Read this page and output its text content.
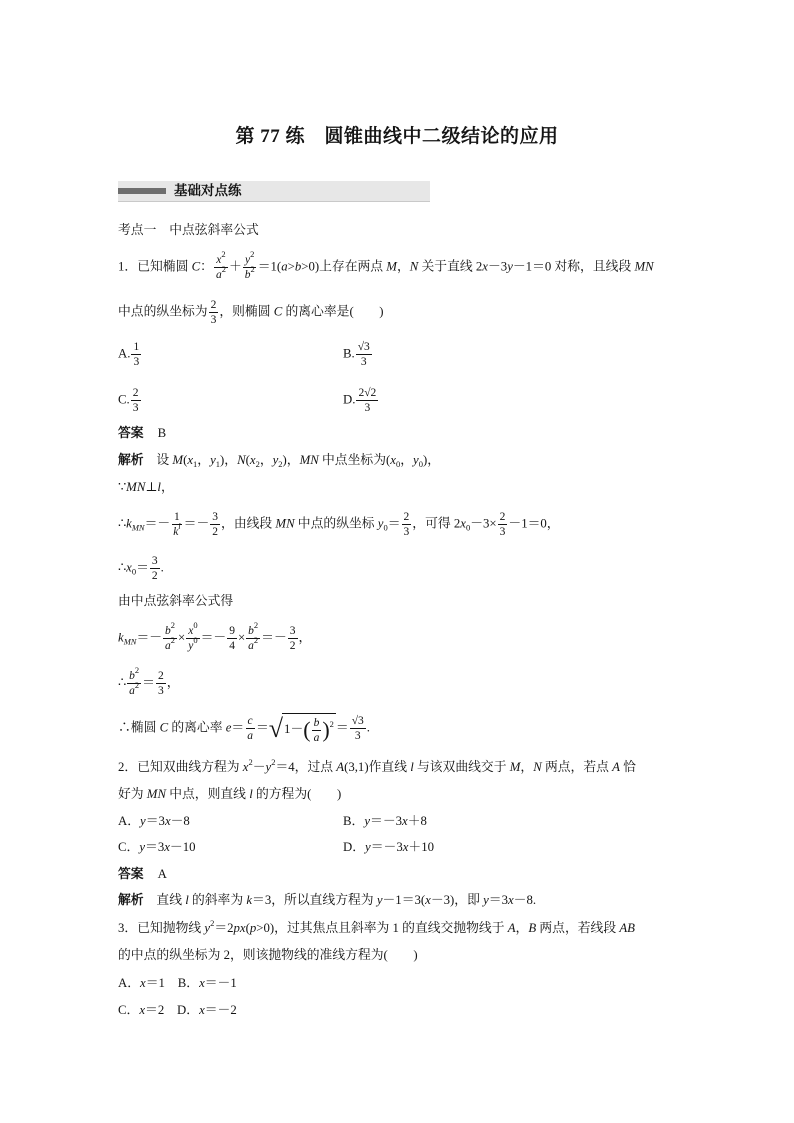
第 77 练　圆锥曲线中二级结论的应用
基础对点练
考点一　中点弦斜率公式
1．已知椭圆 C： $\frac{x^2}{a^2} + \frac{y^2}{b^2} =1(a>b>0)$上存在两点 M，N 关于直线 2x－3y－1＝0 对称，且线段 MN
中点的纵坐标为 $\frac{2}{3}$ ，则椭圆 C 的离心率是(　　)
A. $\frac{1}{3}$	B. $\frac{√3}{3}$
C. $\frac{2}{3}$	D. $\frac{2√2}{3}$
答案 B
解析　设 $M(x_1$，$y_1$)，$N(x_2$，$y_2$)，MN 中点坐标为($x_0$，$y_0$)，
∵MN⊥l，
$\therefore k_{MN}=- \frac{1}{k^l} =- \frac{3}{2}$ ，由线段 MN 中点的纵坐标 $y_0= \frac{2}{3}$ ，可得 $2x_0-3\times \frac{2}{3} -1=0$，
$\therefore x_0= \frac{3}{2}$ .
由中点弦斜率公式得
$k_{MN}=- \frac{b^2}{a^2} \times \frac{x^0}{y^0} =- \frac{9}{4} \times \frac{b^2}{a^2} =- \frac{3}{2}$ ，
∴ $\frac{b^2}{a^2} = \frac{2}{3}$ ，
∴椭圆 C 的离心率 $e= \frac{c}{a} =√1-( \frac{b}{a} )^2 = \frac{√3}{3}$ .
2．已知双曲线方程为 $x^2-y^2=4$，过点 A(3,1)作直线 l 与该双曲线交于 M，N 两点，若点 A 恰
好为 MN 中点，则直线 l 的方程为(　　)
A．y＝3x－8	B．y＝－3x＋8
C．y＝3x－10	D．y＝－3x＋10
答案 A
解析　直线 l 的斜率为 k＝3，所以直线方程为 y－1＝3(x－3)，即 y＝3x－8.
3．已知抛物线 $y^2=2px(p>0)$，过其焦点且斜率为 1 的直线交抛物线于 A，B 两点，若线段 AB
的中点的纵坐标为 2，则该抛物线的准线方程为(　　)
A．x＝1　B．x＝－1
C．x＝2　D．x＝－2
